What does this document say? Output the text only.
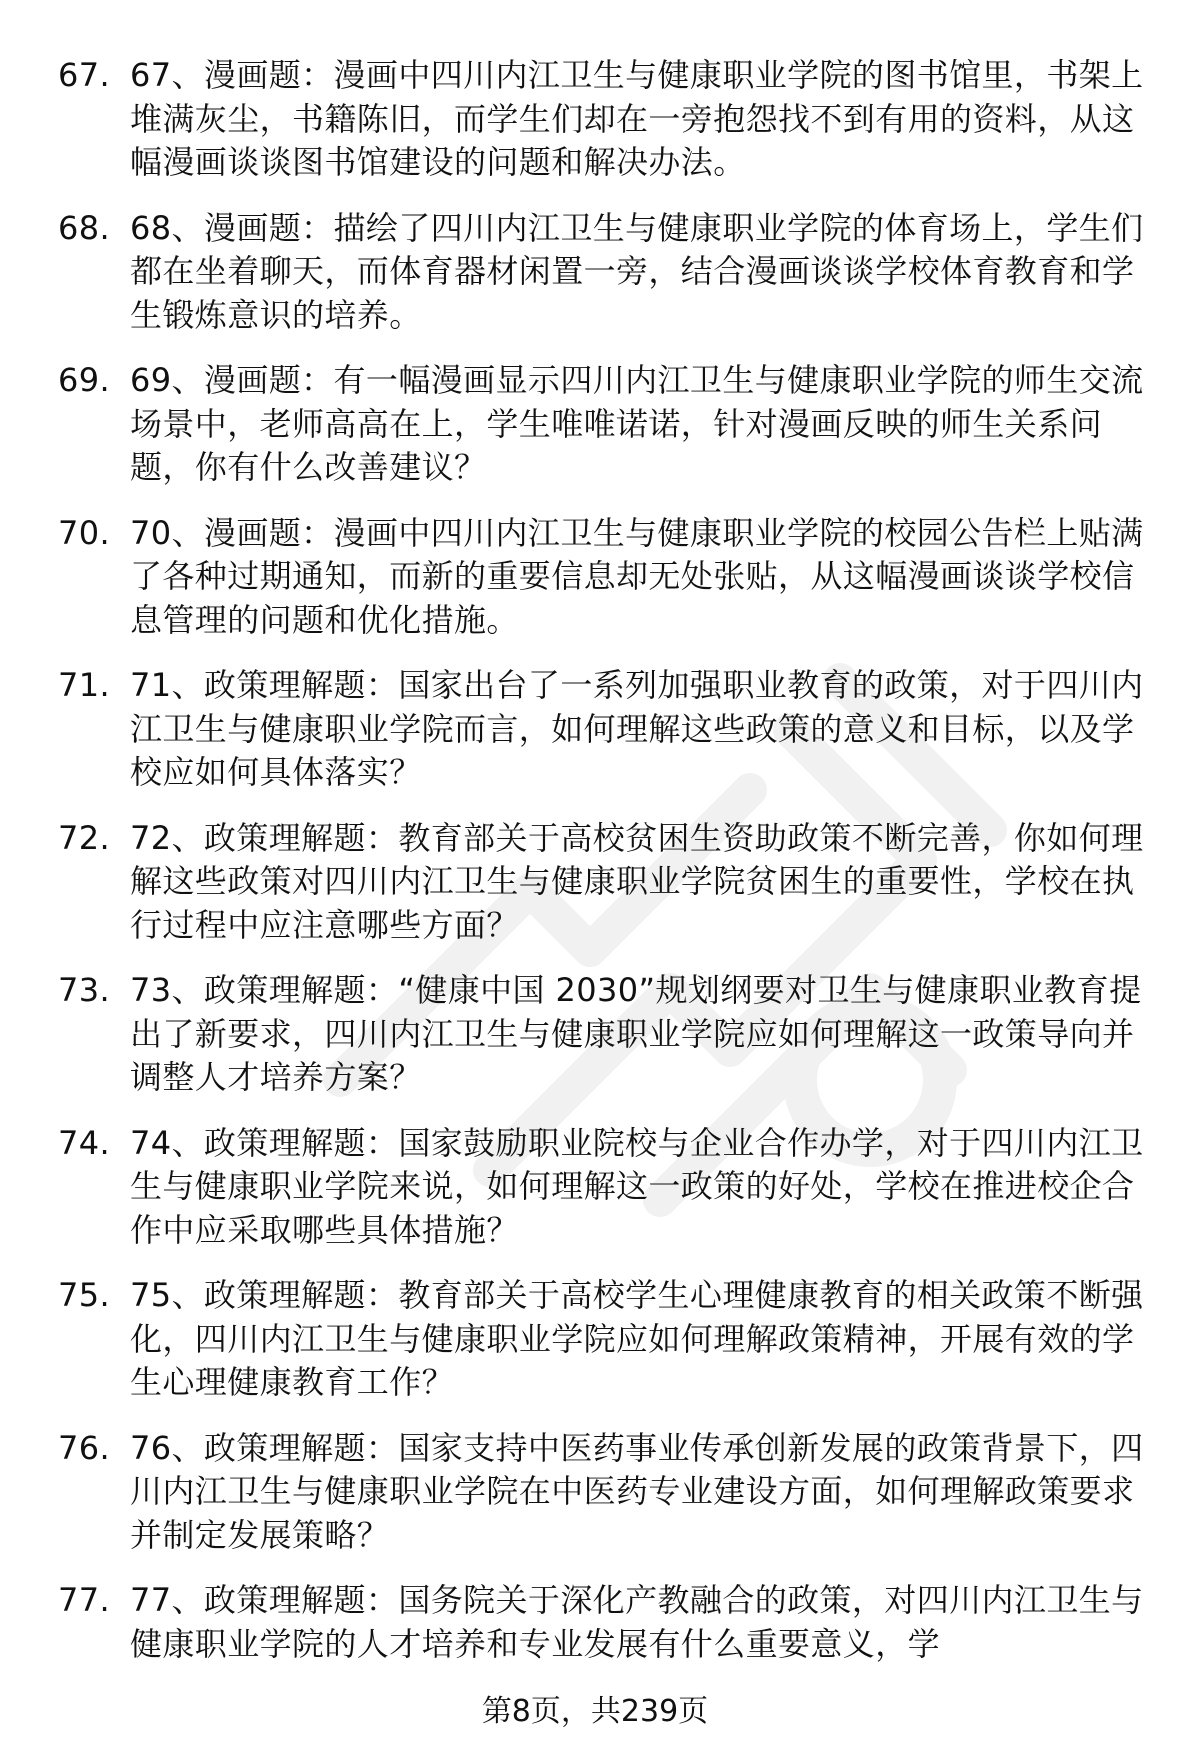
67. 67、漫画题：漫画中四川内江卫生与健康职业学院的图书馆里，书架上堆满灰尘，书籍陈旧，而学生们却在一旁抱怨找不到有用的资料，从这幅漫画谈谈图书馆建设的问题和解决办法。
68. 68、漫画题：描绘了四川内江卫生与健康职业学院的体育场上，学生们都在坐着聊天，而体育器材闲置一旁，结合漫画谈谈学校体育教育和学生锻炼意识的培养。
69. 69、漫画题：有一幅漫画显示四川内江卫生与健康职业学院的师生交流场景中，老师高高在上，学生唯唯诺诺，针对漫画反映的师生关系问题，你有什么改善建议？
70. 70、漫画题：漫画中四川内江卫生与健康职业学院的校园公告栏上贴满了各种过期通知，而新的重要信息却无处张贴，从这幅漫画谈谈学校信息管理的问题和优化措施。
71. 71、政策理解题：国家出台了一系列加强职业教育的政策，对于四川内江卫生与健康职业学院而言，如何理解这些政策的意义和目标，以及学校应如何具体落实？
72. 72、政策理解题：教育部关于高校贫困生资助政策不断完善，你如何理解这些政策对四川内江卫生与健康职业学院贫困生的重要性，学校在执行过程中应注意哪些方面？
73. 73、政策理解题：“健康中国 2030”规划纲要对卫生与健康职业教育提出了新要求，四川内江卫生与健康职业学院应如何理解这一政策导向并调整人才培养方案？
74. 74、政策理解题：国家鼓励职业院校与企业合作办学，对于四川内江卫生与健康职业学院来说，如何理解这一政策的好处，学校在推进校企合作中应采取哪些具体措施？
75. 75、政策理解题：教育部关于高校学生心理健康教育的相关政策不断强化，四川内江卫生与健康职业学院应如何理解政策精神，开展有效的学生心理健康教育工作？
76. 76、政策理解题：国家支持中医药事业传承创新发展的政策背景下，四川内江卫生与健康职业学院在中医药专业建设方面，如何理解政策要求并制定发展策略？
77. 77、政策理解题：国务院关于深化产教融合的政策，对四川内江卫生与健康职业学院的人才培养和专业发展有什么重要意义，学
第8页，共239页
